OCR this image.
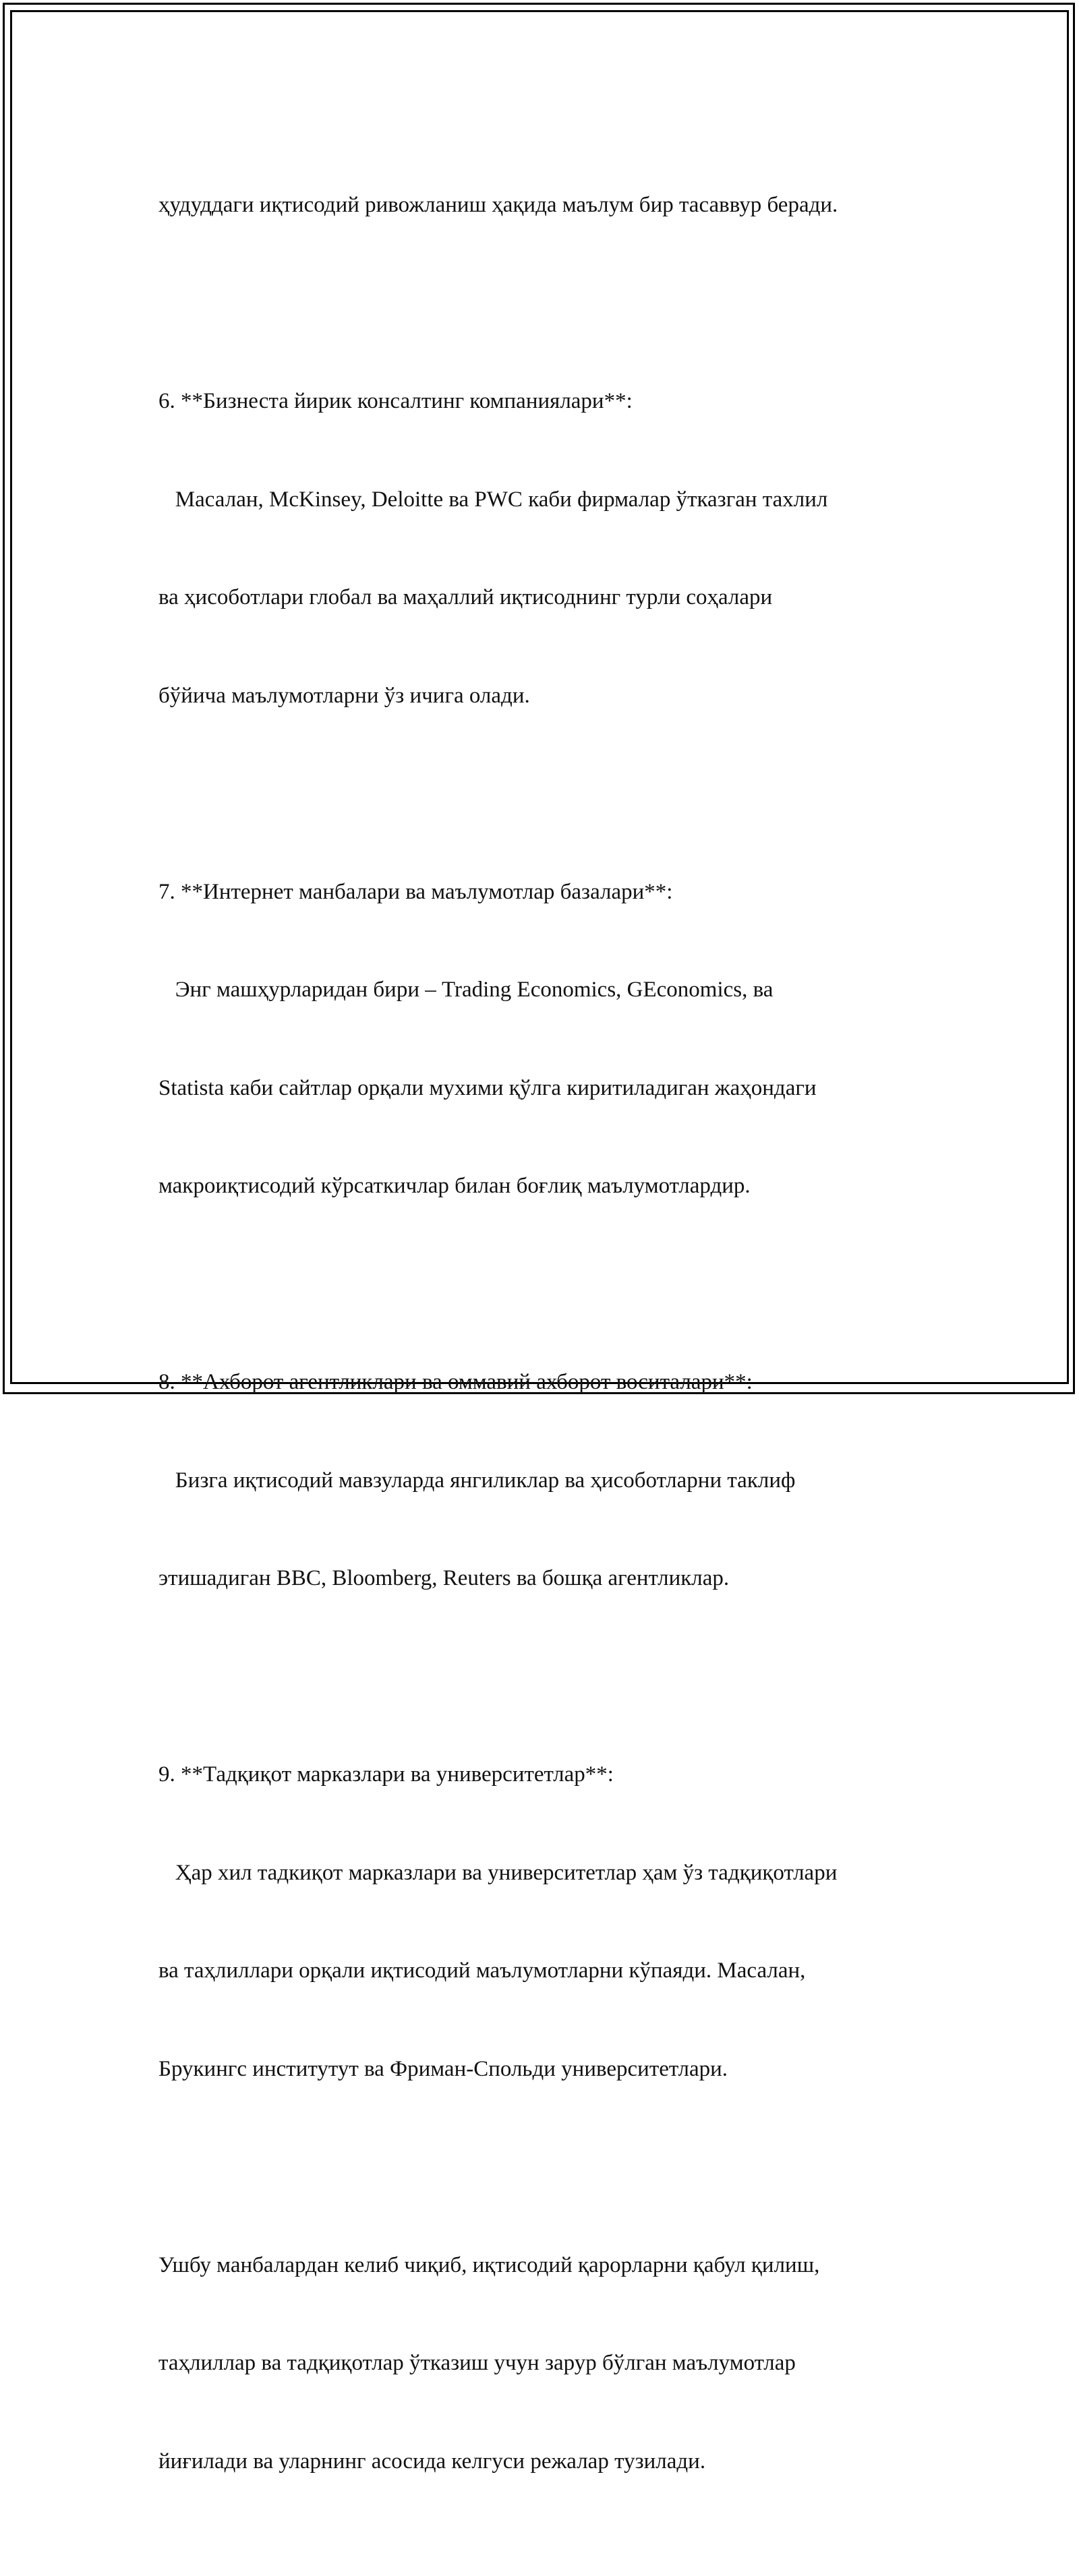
ҳудуддаги иқтисодий ривожланиш ҳақида маълум бир тасаввур беради.

6. **Бизнеста йирик консалтинг компаниялари**:

Масалан, McKinsey, Deloitte ва PWC каби фирмалар ўтказган тахлил

ва ҳисоботлари глобал ва маҳаллий иқтисоднинг турли соҳалари

бўйича маълумотларни ўз ичига олади.

7. **Интернет манбалари ва маълумотлар базалари**:

Энг машҳурларидан бири – Trading Economics, GEconomics, ва

Statista каби сайтлар орқали мухими қўлга киритиладиган жаҳондаги

макроиқтисодий кўрсаткичлар билан боғлиқ маълумотлардир.

8. **Ахборот агентликлари ва оммавий ахборот воситалари**:

Бизга иқтисодий мавзуларда янгиликлар ва ҳисоботларни таклиф

этишадиган BBC, Bloomberg, Reuters ва бошқа агентликлар.

9. **Тадқиқот марказлари ва университетлар**:

Ҳар хил тадкиқот марказлари ва университетлар ҳам ўз тадқиқотлари

ва таҳлиллари орқали иқтисодий маълумотларни кўпаяди. Масалан,

Брукингс институтут ва Фриман-Спольди университетлари.

Ушбу манбалардан келиб чиқиб, иқтисодий қарорларни қабул қилиш,

таҳлиллар ва тадқиқотлар ўтказиш учун зарур бўлган маълумотлар

йиғилади ва уларнинг асосида келгуси режалар тузилади.
